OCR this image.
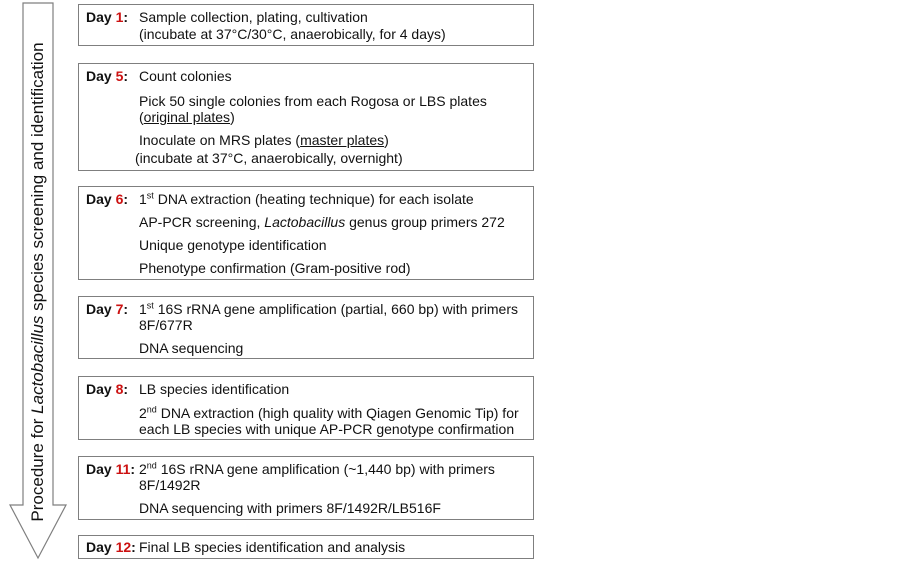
Procedure for Lactobacillus species screening and identification
Day 1: Sample collection, plating, cultivation
(incubate at 37°C/30°C, anaerobically, for 4 days)
Day 5: Count colonies
Pick 50 single colonies from each Rogosa or LBS plates
(original plates)
Inoculate on MRS plates (master plates)
(incubate at 37°C, anaerobically, overnight)
Day 6: 1st DNA extraction (heating technique) for each isolate
AP-PCR screening, Lactobacillus genus group primers 272
Unique genotype identification
Phenotype confirmation (Gram-positive rod)
Day 7: 1st 16S rRNA gene amplification (partial, 660 bp) with primers
8F/677R
DNA sequencing
Day 8: LB species identification
2nd DNA extraction (high quality with Qiagen Genomic Tip) for
each LB species with unique AP-PCR genotype confirmation
Day 11: 2nd 16S rRNA gene amplification (~1,440 bp) with primers
8F/1492R
DNA sequencing with primers 8F/1492R/LB516F
Day 12: Final LB species identification and analysis
